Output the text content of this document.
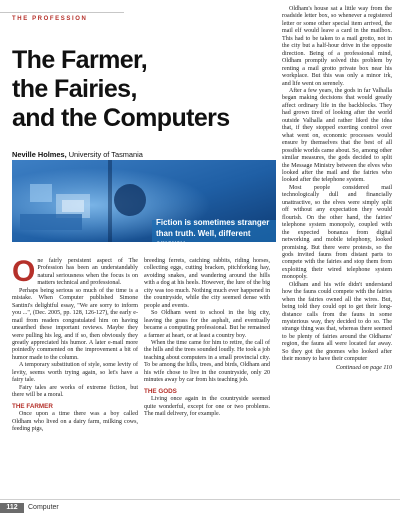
THE PROFESSION
The Farmer,
the Fairies,
and the Computers
Neville Holmes, University of Tasmania
Fiction is sometimes stranger than truth. Well, different anyway.

One fairly persistent aspect of The Profession has been an understandably natural seriousness when the focus is on matters technical and professional.

Perhaps being serious so much of the time is a mistake. When Computer published Simone Santini's delightful essay, "We are sorry to inform you ...", (Dec. 2005, pp. 128, 126-127), the early e-mail from readers congratulated him on having unearthed these important reviews. Maybe they were pulling his leg, and if so, then obviously they greatly appreciated his humor. A later e-mail more pointedly commented on the improvement a bit of humor made to the column.

A temporary substitution of style, some levity of levity, seems worth trying again, so let's have a fairy tale.

Fairy tales are works of extreme fiction, but there will be a moral.

THE FARMER

Once upon a time there was a boy called Oldham who lived on a dairy farm, milking cows, feeding pigs,

breeding ferrets, catching rabbits, riding horses, collecting eggs, cutting bracken, pitchforking hay, avoiding snakes, and wandering around the hills with a dog at his heels. However, the lure of the big city was too much. Nothing much ever happened in the countryside, while the city seemed dense with people and events.

So Oldham went to school in the big city, leaving the grass for the asphalt, and eventually became a computing professional. But he remained a farmer at heart, or at least a country boy.

When the time came for him to retire, the call of the hills and the trees sounded loudly. He took a job teaching about computers in a small provincial city. To be among the hills, trees, and birds, Oldham and his wife chose to live in the countryside, only 20 minutes away by car from his teaching job.

THE GODS

Living once again in the countryside seemed quite wonderful, except for one or two problems. The mail delivery, for example.

Oldham's house sat a little way from the roadside letter box, so whenever a registered letter or some other special item arrived, the mail elf would leave a card in the mailbox. This had to be taken to a mail grotto, not in the city but a half-hour drive in the opposite direction. Being of a professional mind, Oldham promptly solved this problem by renting a mail grotto private box near his workplace. But this was only a minor irk, and life went on serenely.

After a few years, the gods in far Valhalla began making decisions that would greatly affect ordinary life in the backblocks. They had grown tired of looking after the world outside Valhalla and rather liked the idea that, if they stopped exerting control over what went on, economic processes would ensure by themselves that the best of all possible worlds came about. So, among other similar measures, the gods decided to split the Message Ministry between the elves who looked after the mail and the fairies who looked after the telephone system.

Most people considered mail technologically dull and financially unattractive, so the elves were simply split off without any expectation they would flourish. On the other hand, the fairies' telephone system monopoly, coupled with the expected bonanza from digital networking and mobile telephony, looked promising. But there were protests, so the gods invited fauns from distant parts to compete with the fairies and stop them from exploiting their wired telephone system monopoly.

Oldham and his wife didn't understand how the fauns could compete with the fairies when the fairies owned all the wires. But, being told they could opt to get their long-distance calls from the fauns in some mysterious way, they decided to do so. The strange thing was that, whereas there seemed to be plenty of fairies around the Oldhams' region, the fauns all were located far away. So they got the gnomes who looked after their money to have their computer

Continued on page 110
112	Computer
